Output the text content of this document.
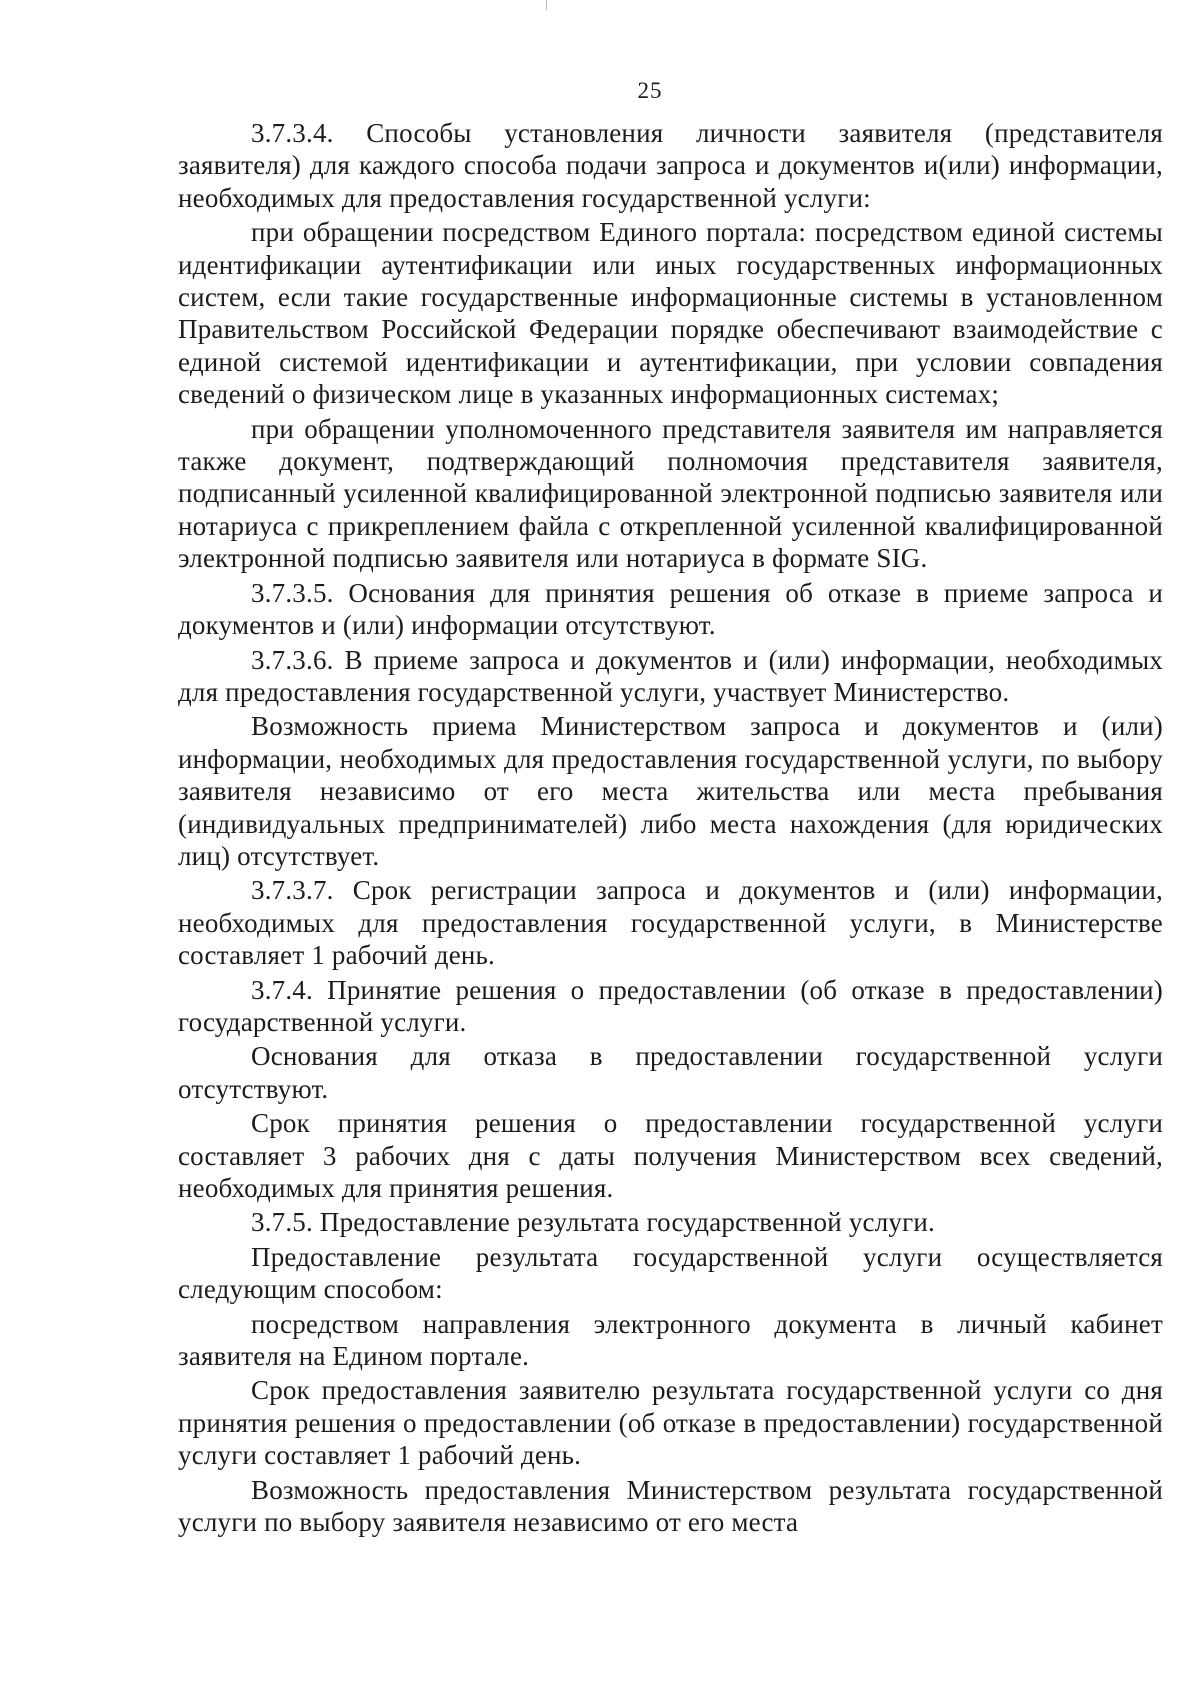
25

3.7.3.4. Способы установления личности заявителя (представителя заявителя) для каждого способа подачи запроса и документов и(или) информации, необходимых для предоставления государственной услуги:

при обращении посредством Единого портала: посредством единой системы идентификации аутентификации или иных государственных информационных систем, если такие государственные информационные системы в установленном Правительством Российской Федерации порядке обеспечивают взаимодействие с единой системой идентификации и аутентификации, при условии совпадения сведений о физическом лице в указанных информационных системах;

при обращении уполномоченного представителя заявителя им направляется также документ, подтверждающий полномочия представителя заявителя, подписанный усиленной квалифицированной электронной подписью заявителя или нотариуса с прикреплением файла с открепленной усиленной квалифицированной электронной подписью заявителя или нотариуса в формате SIG.

3.7.3.5. Основания для принятия решения об отказе в приеме запроса и документов и (или) информации отсутствуют.

3.7.3.6. В приеме запроса и документов и (или) информации, необходимых для предоставления государственной услуги, участвует Министерство.

Возможность приема Министерством запроса и документов и (или) информации, необходимых для предоставления государственной услуги, по выбору заявителя независимо от его места жительства или места пребывания (индивидуальных предпринимателей) либо места нахождения (для юридических лиц) отсутствует.

3.7.3.7. Срок регистрации запроса и документов и (или) информации, необходимых для предоставления государственной услуги, в Министерстве составляет 1 рабочий день.

3.7.4. Принятие решения о предоставлении (об отказе в предоставлении) государственной услуги.

Основания для отказа в предоставлении государственной услуги отсутствуют.

Срок принятия решения о предоставлении государственной услуги составляет 3 рабочих дня с даты получения Министерством всех сведений, необходимых для принятия решения.

3.7.5. Предоставление результата государственной услуги.

Предоставление результата государственной услуги осуществляется следующим способом:

посредством направления электронного документа в личный кабинет заявителя на Едином портале.

Срок предоставления заявителю результата государственной услуги со дня принятия решения о предоставлении (об отказе в предоставлении) государственной услуги составляет 1 рабочий день.

Возможность предоставления Министерством результата государственной услуги по выбору заявителя независимо от его места
